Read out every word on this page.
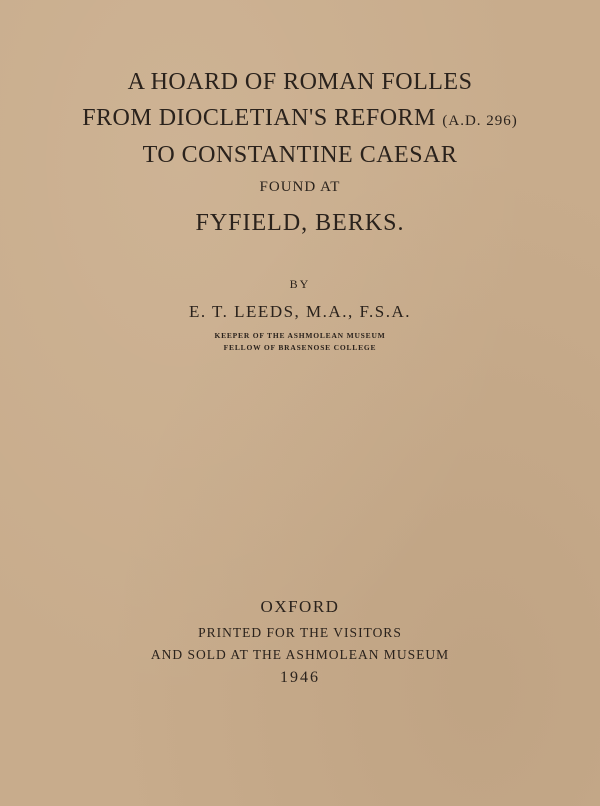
A HOARD OF ROMAN FOLLES
FROM DIOCLETIAN'S REFORM (A.D. 296)
TO CONSTANTINE CAESAR
FOUND AT
FYFIELD, BERKS.
BY
E. T. LEEDS, M.A., F.S.A.
KEEPER OF THE ASHMOLEAN MUSEUM
FELLOW OF BRASENOSE COLLEGE
OXFORD
PRINTED FOR THE VISITORS
AND SOLD AT THE ASHMOLEAN MUSEUM
1946
